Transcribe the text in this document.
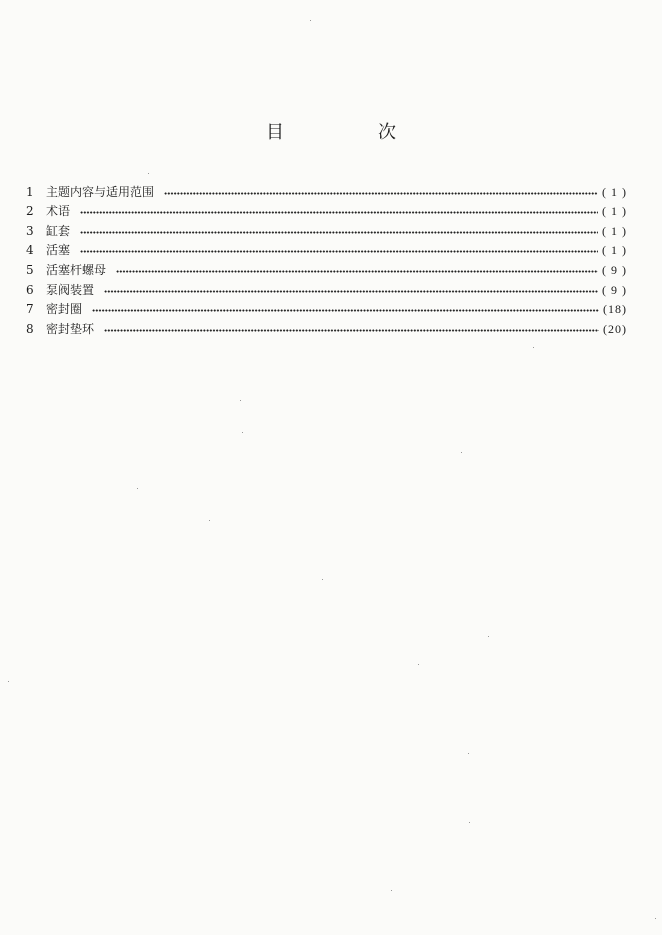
目　次
1	主题内容与适用范围	( 1 )
2	术语	( 1 )
3	缸套	( 1 )
4	活塞	( 1 )
5	活塞杆螺母	( 9 )
6	泵阀装置	( 9 )
7	密封圈	(18)
8	密封垫环	(20)
